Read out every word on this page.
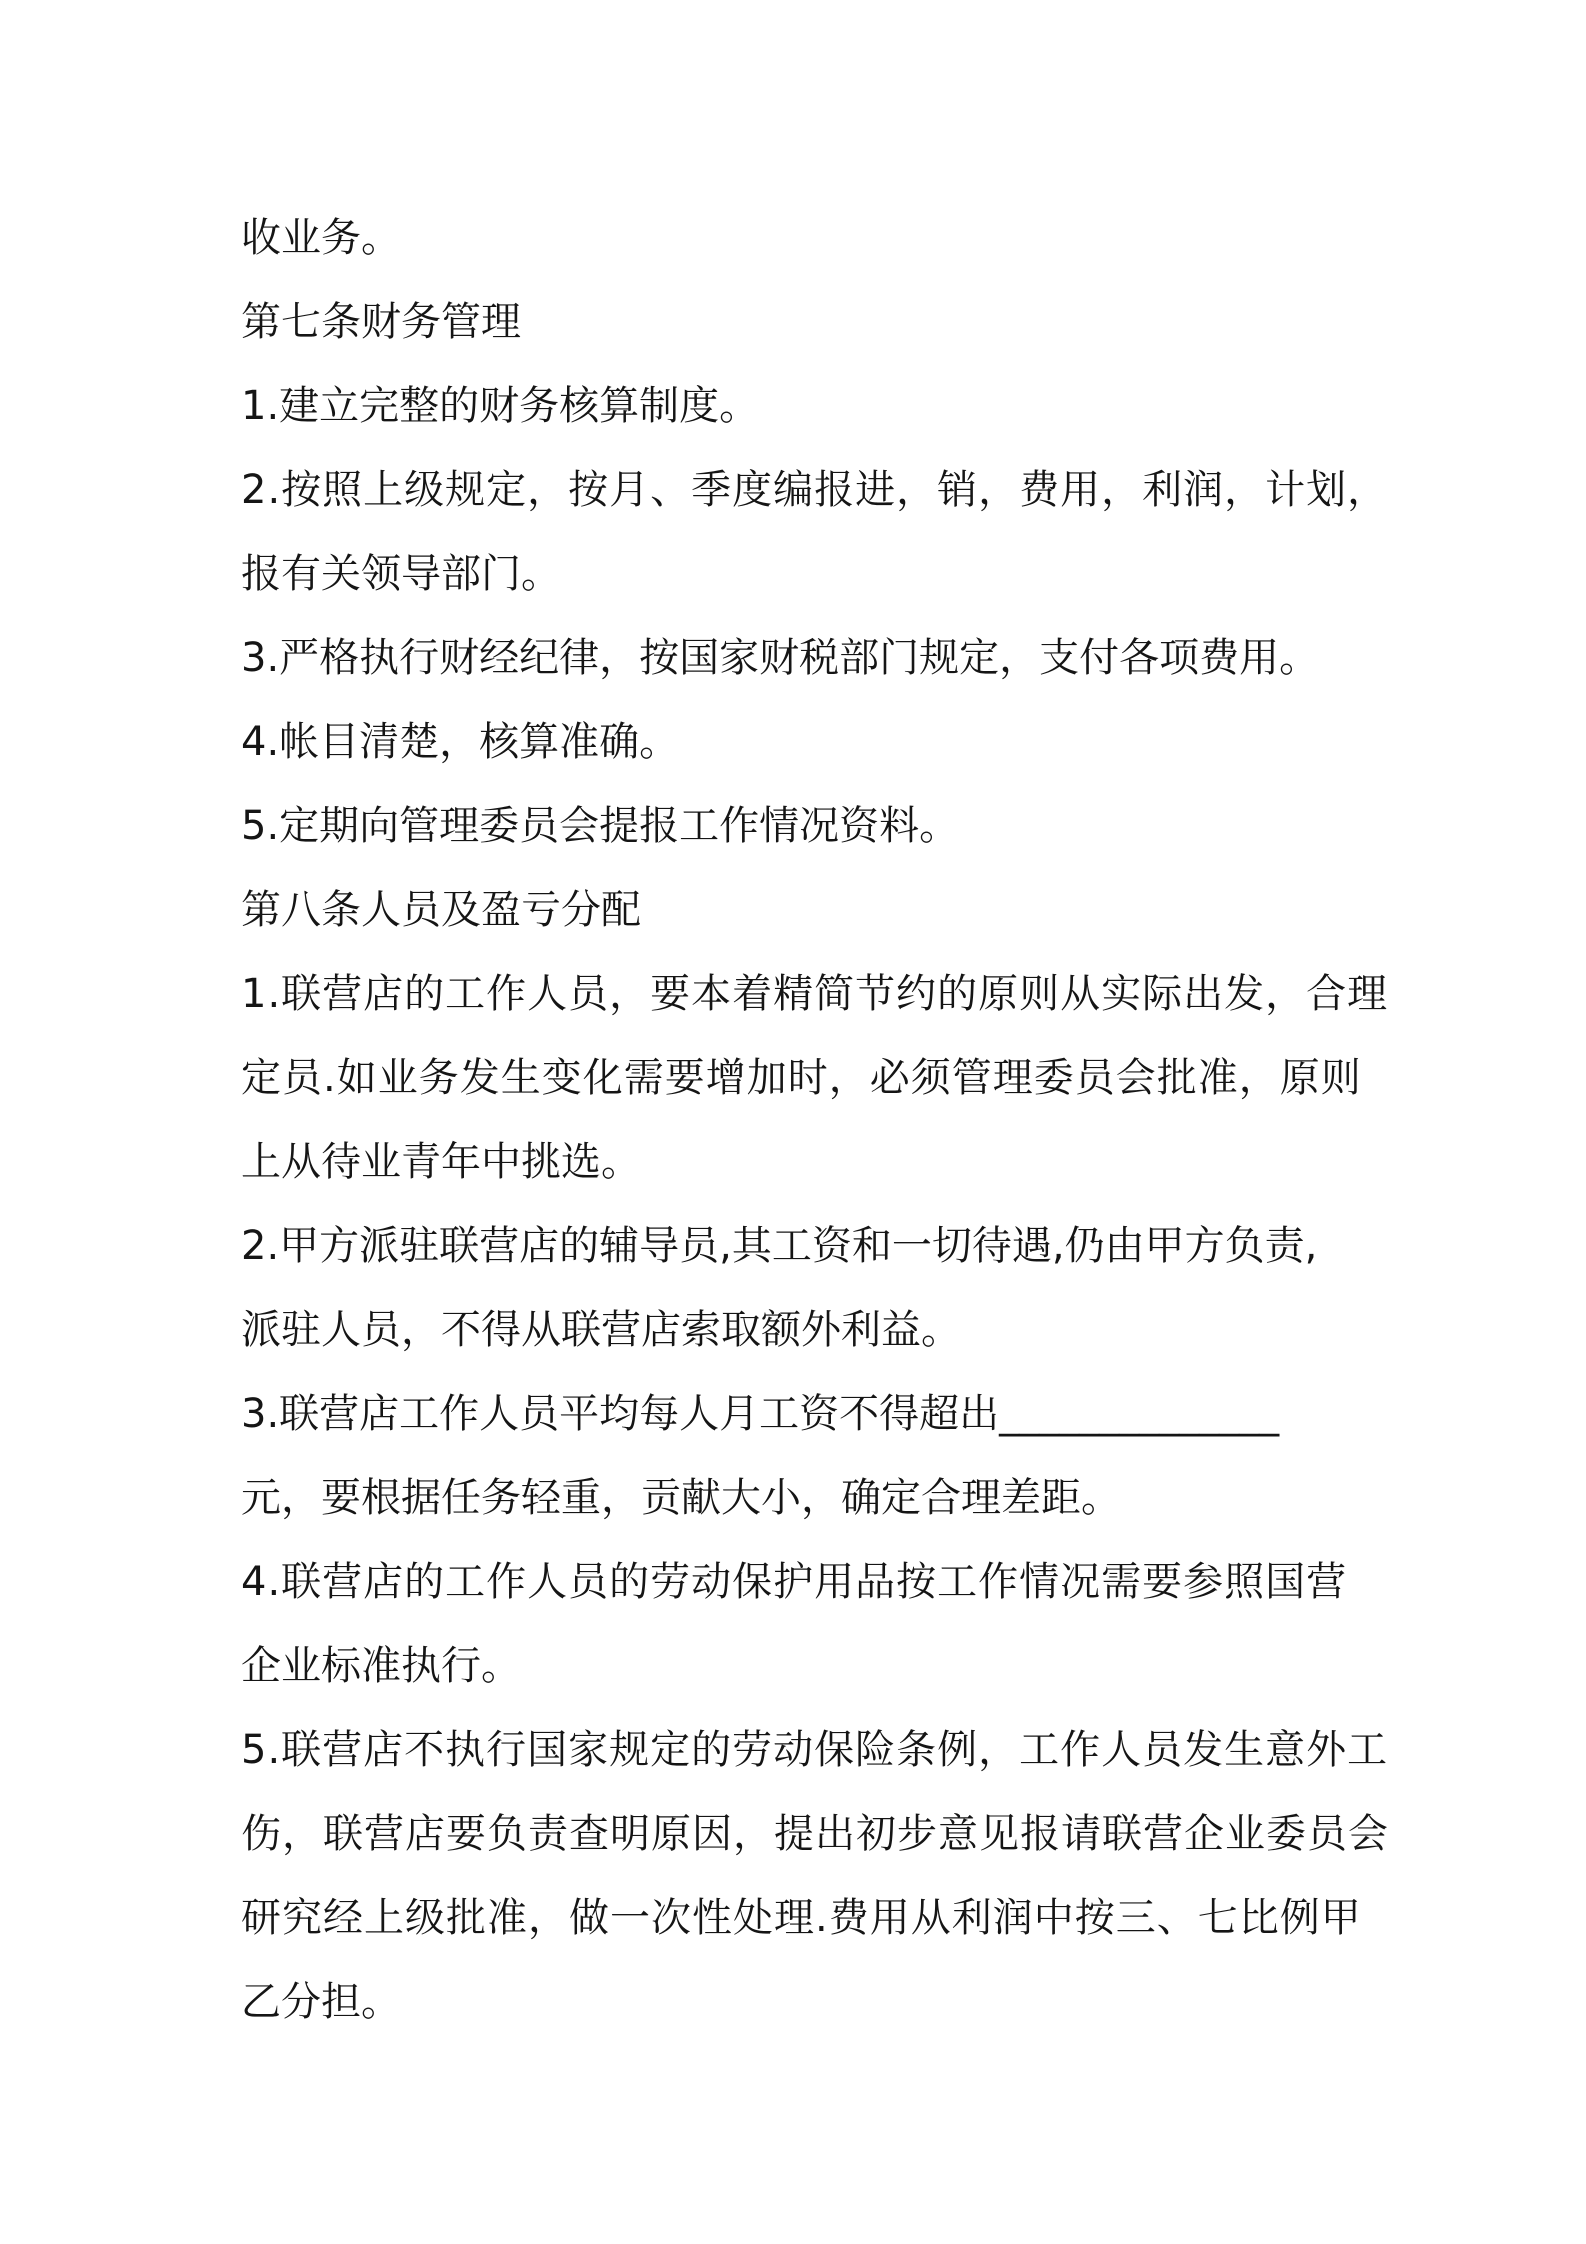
收业务。
第七条财务管理
1.建立完整的财务核算制度。
2.按照上级规定，按月、季度编报进，销，费用，利润，计划，
报有关领导部门。
3.严格执行财经纪律，按国家财税部门规定，支付各项费用。
4.帐目清楚，核算准确。
5.定期向管理委员会提报工作情况资料。
第八条人员及盈亏分配
1.联营店的工作人员，要本着精简节约的原则从实际出发，合理
定员.如业务发生变化需要增加时，必须管理委员会批准，原则
上从待业青年中挑选。
2.甲方派驻联营店的辅导员,其工资和一切待遇,仍由甲方负责,
派驻人员，不得从联营店索取额外利益。
3.联营店工作人员平均每人月工资不得超出______________
元，要根据任务轻重，贡献大小，确定合理差距。
4.联营店的工作人员的劳动保护用品按工作情况需要参照国营
企业标准执行。
5.联营店不执行国家规定的劳动保险条例，工作人员发生意外工
伤，联营店要负责查明原因，提出初步意见报请联营企业委员会
研究经上级批准，做一次性处理.费用从利润中按三、七比例甲
乙分担。
